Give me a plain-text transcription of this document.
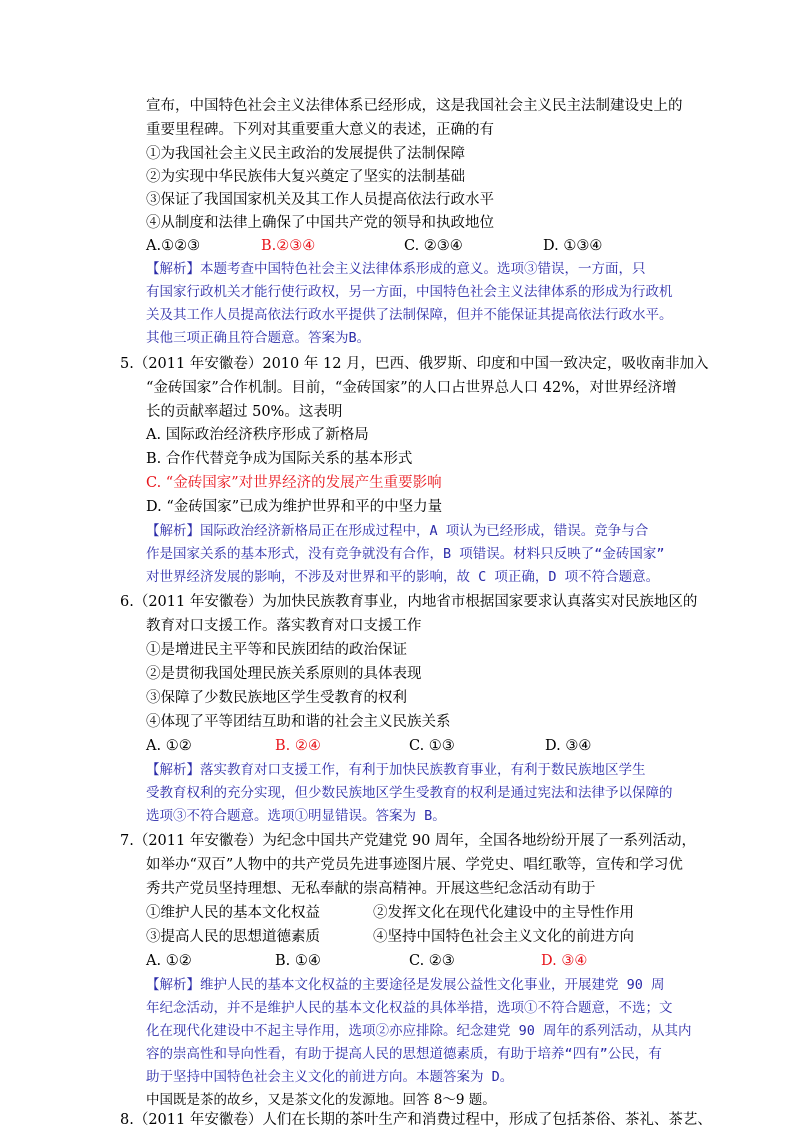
宣布，中国特色社会主义法律体系已经形成，这是我国社会主义民主法制建设史上的
重要里程碑。下列对其重要重大意义的表述，正确的有
①为我国社会主义民主政治的发展提供了法制保障
②为实现中华民族伟大复兴奠定了坚实的法制基础
③保证了我国国家机关及其工作人员提高依法行政水平
④从制度和法律上确保了中国共产党的领导和执政地位
A.①②③	B.②③④	C. ②③④	D. ①③④
【解析】本题考查中国特色社会主义法律体系形成的意义。选项③错误，一方面，只
有国家行政机关才能行使行政权，另一方面，中国特色社会主义法律体系的形成为行政机
关及其工作人员提高依法行政水平提供了法制保障，但并不能保证其提高依法行政水平。
其他三项正确且符合题意。答案为B。
5.（2011 年安徽卷）2010 年 12 月，巴西、俄罗斯、印度和中国一致决定，吸收南非加入
“金砖国家”合作机制。目前，“金砖国家”的人口占世界总人口 42%，对世界经济增
长的贡献率超过 50%。这表明
A. 国际政治经济秩序形成了新格局
B. 合作代替竞争成为国际关系的基本形式
C. “金砖国家”对世界经济的发展产生重要影响
D. “金砖国家”已成为维护世界和平的中坚力量
【解析】国际政治经济新格局正在形成过程中，A 项认为已经形成，错误。竞争与合
作是国家关系的基本形式，没有竞争就没有合作，B 项错误。材料只反映了“金砖国家”
对世界经济发展的影响，不涉及对世界和平的影响，故 C 项正确，D 项不符合题意。
6.（2011 年安徽卷）为加快民族教育事业，内地省市根据国家要求认真落实对民族地区的
教育对口支援工作。落实教育对口支援工作
①是增进民主平等和民族团结的政治保证
②是贯彻我国处理民族关系原则的具体表现
③保障了少数民族地区学生受教育的权利
④体现了平等团结互助和谐的社会主义民族关系
A. ①②	B. ②④	C. ①③	D. ③④
【解析】落实教育对口支援工作，有利于加快民族教育事业，有利于数民族地区学生
受教育权利的充分实现，但少数民族地区学生受教育的权利是通过宪法和法律予以保障的
选项③不符合题意。选项①明显错误。答案为 B。
7.（2011 年安徽卷）为纪念中国共产党建党 90 周年，全国各地纷纷开展了一系列活动，
如举办“双百”人物中的共产党员先进事迹图片展、学党史、唱红歌等，宣传和学习优
秀共产党员坚持理想、无私奉献的崇高精神。开展这些纪念活动有助于
①维护人民的基本文化权益	②发挥文化在现代化建设中的主导性作用
③提高人民的思想道德素质	④坚持中国特色社会主义文化的前进方向
A. ①②	B. ①④	C. ②③	D. ③④
【解析】维护人民的基本文化权益的主要途径是发展公益性文化事业，开展建党 90 周
年纪念活动，并不是维护人民的基本文化权益的具体举措，选项①不符合题意，不选；文
化在现代化建设中不起主导作用，选项②亦应排除。纪念建党 90 周年的系列活动，从其内
容的崇高性和导向性看，有助于提高人民的思想道德素质，有助于培养“四有”公民，有
助于坚持中国特色社会主义文化的前进方向。本题答案为 D。
中国既是茶的故乡，又是茶文化的发源地。回答 8～9 题。
8.（2011 年安徽卷）人们在长期的茶叶生产和消费过程中，形成了包括茶俗、茶礼、茶艺、
